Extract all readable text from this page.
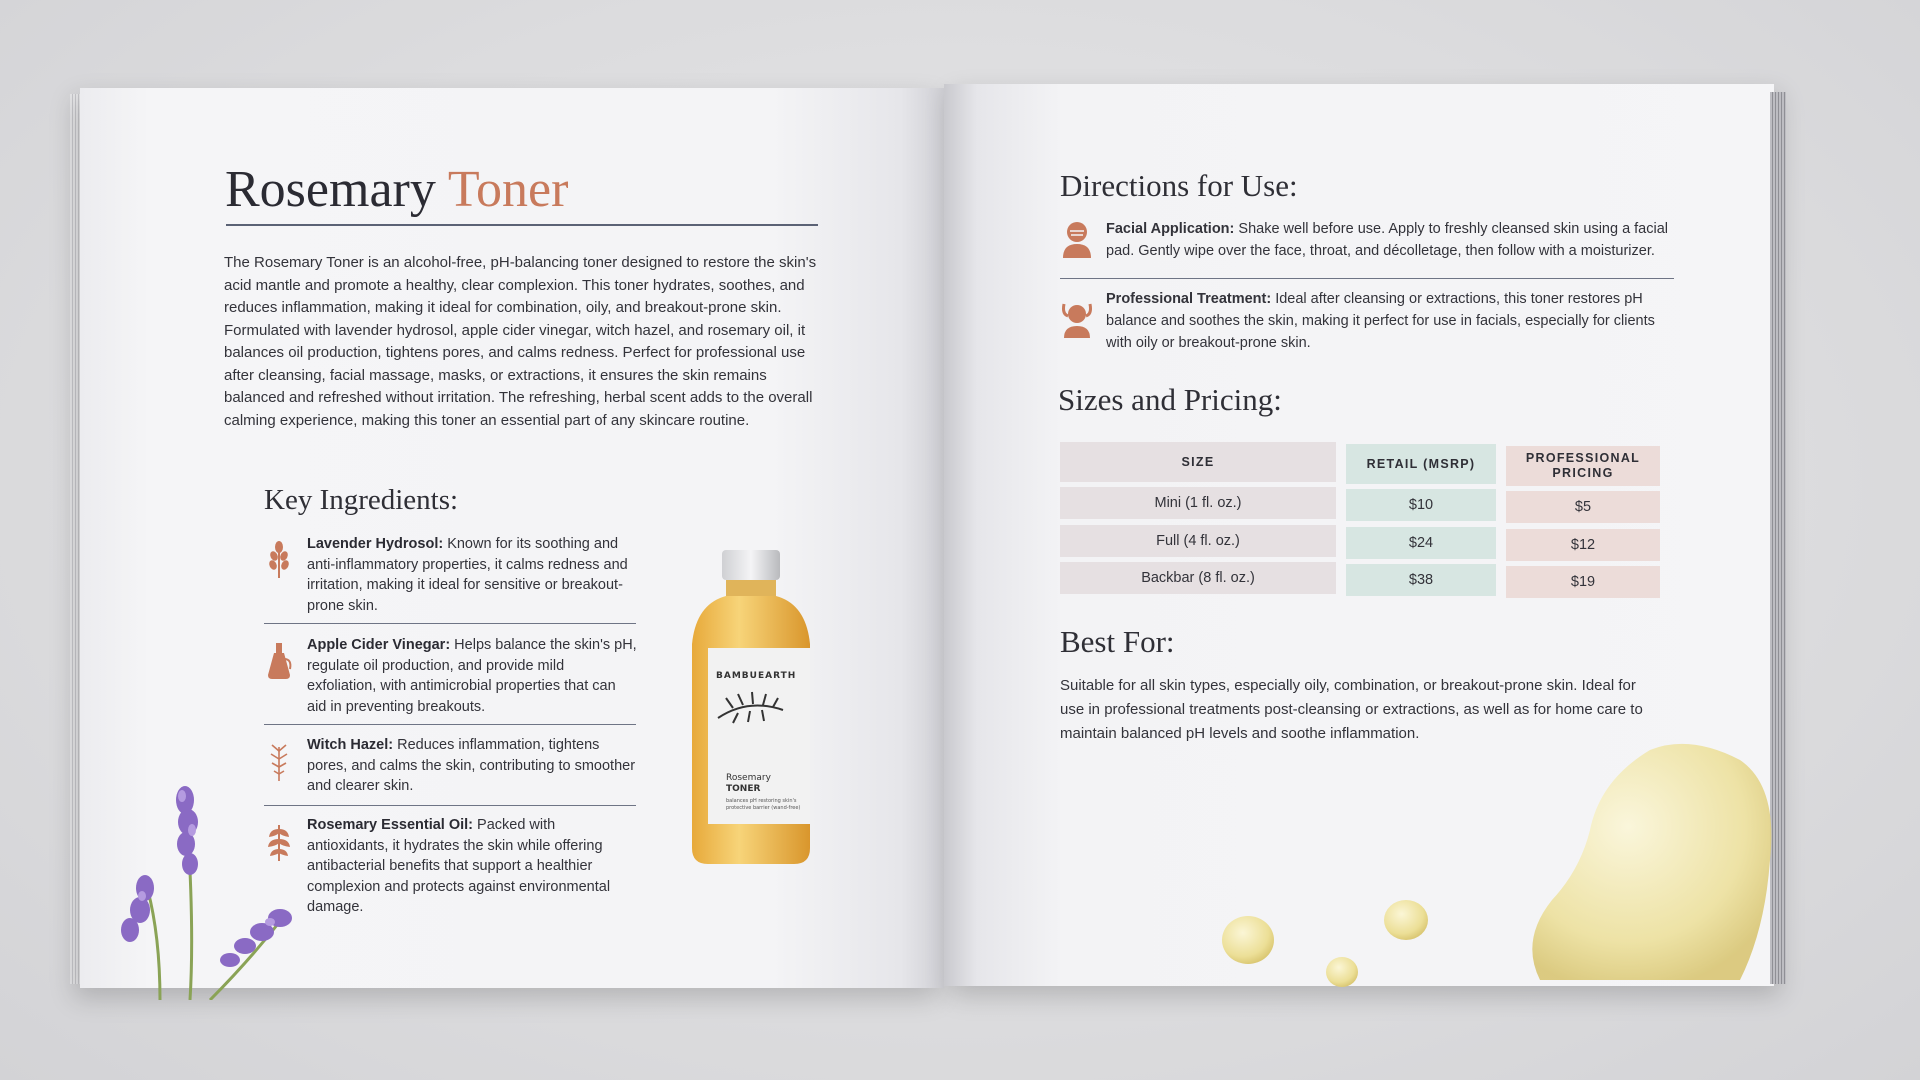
Rosemary Toner
The Rosemary Toner is an alcohol-free, pH-balancing toner designed to restore the skin's acid mantle and promote a healthy, clear complexion. This toner hydrates, soothes, and reduces inflammation, making it ideal for combination, oily, and breakout-prone skin. Formulated with lavender hydrosol, apple cider vinegar, witch hazel, and rosemary oil, it balances oil production, tightens pores, and calms redness. Perfect for professional use after cleansing, facial massage, masks, or extractions, it ensures the skin remains balanced and refreshed without irritation. The refreshing, herbal scent adds to the overall calming experience, making this toner an essential part of any skincare routine.
Key Ingredients:
Lavender Hydrosol: Known for its soothing and anti-inflammatory properties, it calms redness and irritation, making it ideal for sensitive or breakout-prone skin.
Apple Cider Vinegar: Helps balance the skin's pH, regulate oil production, and provide mild exfoliation, with antimicrobial properties that can aid in preventing breakouts.
Witch Hazel: Reduces inflammation, tightens pores, and calms the skin, contributing to smoother and clearer skin.
Rosemary Essential Oil: Packed with antioxidants, it hydrates the skin while offering antibacterial benefits that support a healthier complexion and protects against environmental damage.
BAMBUEARTH
Rosemary
TONER
balances pH restoring skin's
protective barrier (wand-free)
Directions for Use:
Facial Application: Shake well before use. Apply to freshly cleansed skin using a facial pad. Gently wipe over the face, throat, and décolletage, then follow with a moisturizer.
Professional Treatment: Ideal after cleansing or extractions, this toner restores pH balance and soothes the skin, making it perfect for use in facials, especially for clients with oily or breakout-prone skin.
Sizes and Pricing:
SIZE	RETAIL (MSRP)	PROFESSIONAL PRICING
Mini (1 fl. oz.)	$10	$5
Full (4 fl. oz.)	$24	$12
Backbar (8 fl. oz.)	$38	$19
Best For:
Suitable for all skin types, especially oily, combination, or breakout-prone skin. Ideal for use in professional treatments post-cleansing or extractions, as well as for home care to maintain balanced pH levels and soothe inflammation.
